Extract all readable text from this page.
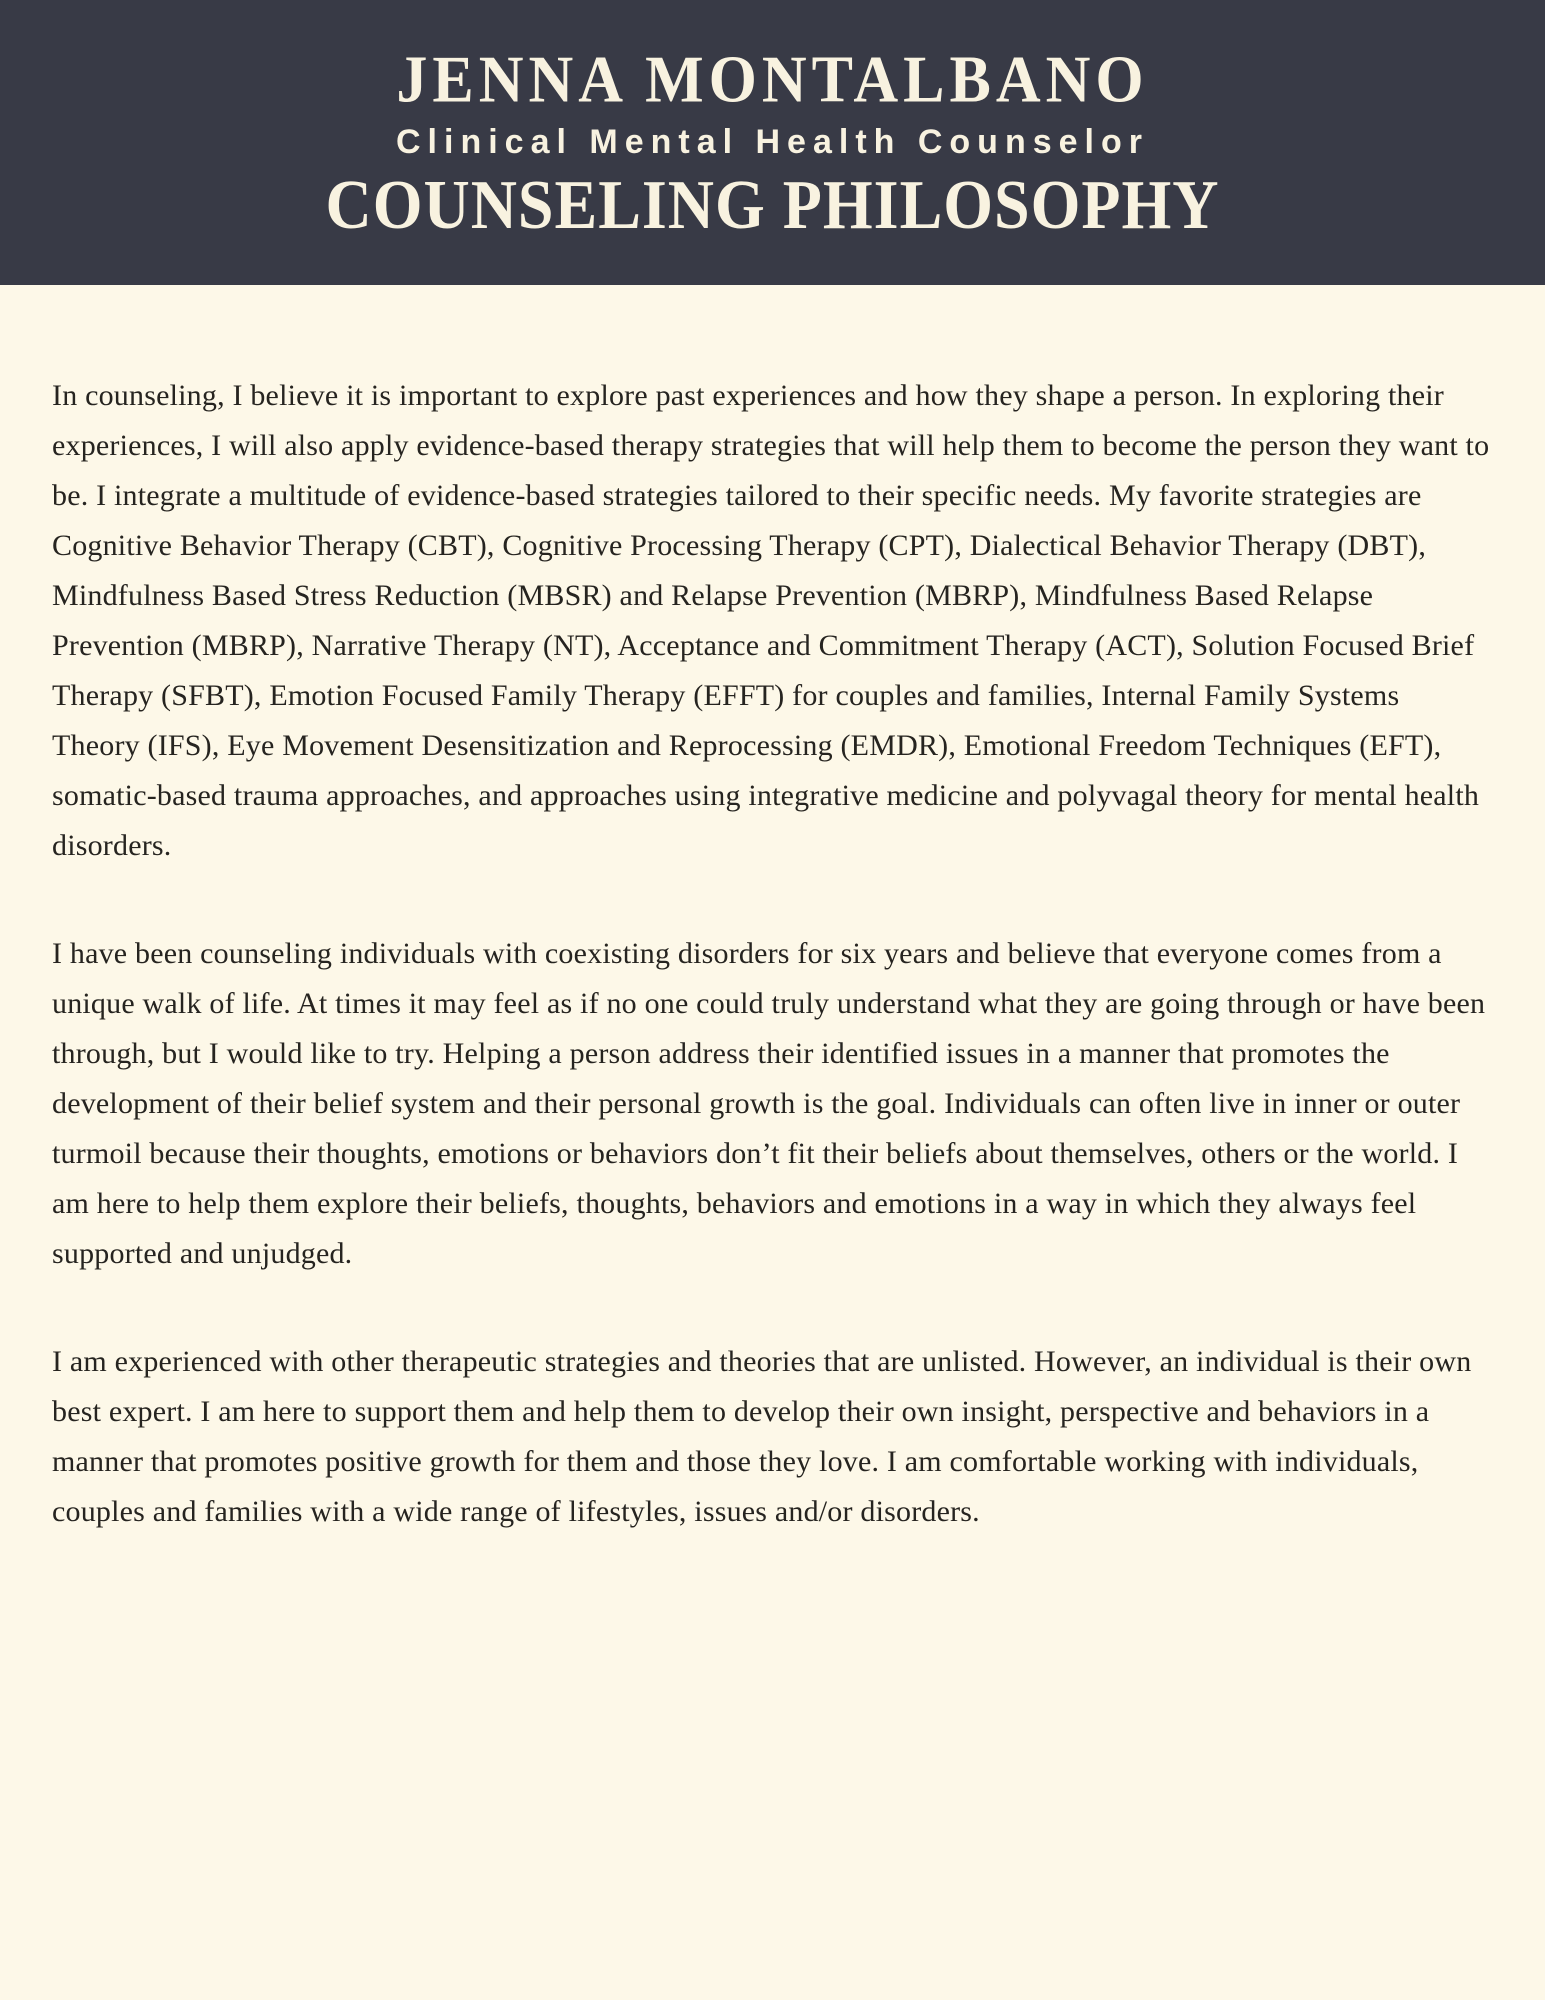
JENNA MONTALBANO
Clinical Mental Health Counselor
COUNSELING PHILOSOPHY

In counseling, I believe it is important to explore past experiences and how they shape a person. In exploring their experiences, I will also apply evidence-based therapy strategies that will help them to become the person they want to be. I integrate a multitude of evidence-based strategies tailored to their specific needs. My favorite strategies are Cognitive Behavior Therapy (CBT), Cognitive Processing Therapy (CPT), Dialectical Behavior Therapy (DBT), Mindfulness Based Stress Reduction (MBSR) and Relapse Prevention (MBRP), Mindfulness Based Relapse Prevention (MBRP), Narrative Therapy (NT), Acceptance and Commitment Therapy (ACT), Solution Focused Brief Therapy (SFBT), Emotion Focused Family Therapy (EFFT) for couples and families, Internal Family Systems Theory (IFS), Eye Movement Desensitization and Reprocessing (EMDR), Emotional Freedom Techniques (EFT), somatic-based trauma approaches, and approaches using integrative medicine and polyvagal theory for mental health disorders.

I have been counseling individuals with coexisting disorders for six years and believe that everyone comes from a unique walk of life. At times it may feel as if no one could truly understand what they are going through or have been through, but I would like to try. Helping a person address their identified issues in a manner that promotes the development of their belief system and their personal growth is the goal. Individuals can often live in inner or outer turmoil because their thoughts, emotions or behaviors don’t fit their beliefs about themselves, others or the world. I am here to help them explore their beliefs, thoughts, behaviors and emotions in a way in which they always feel supported and unjudged.

I am experienced with other therapeutic strategies and theories that are unlisted. However, an individual is their own best expert. I am here to support them and help them to develop their own insight, perspective and behaviors in a manner that promotes positive growth for them and those they love. I am comfortable working with individuals, couples and families with a wide range of lifestyles, issues and/or disorders.
